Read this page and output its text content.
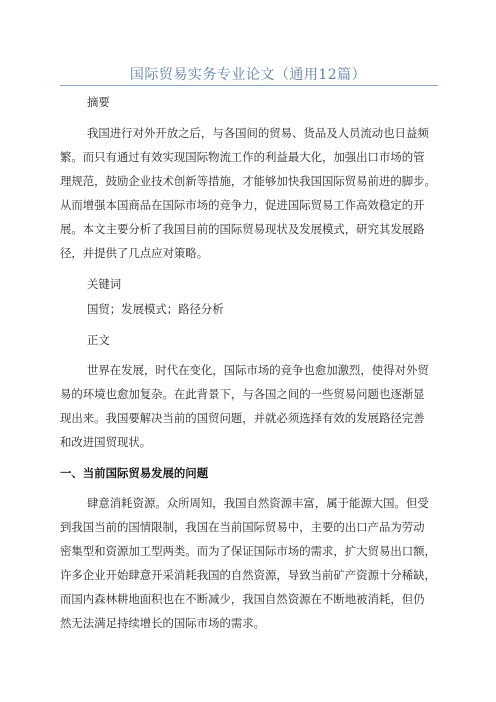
国际贸易实务专业论文（通用12篇）
摘要
我国进行对外开放之后，与各国间的贸易、货品及人员流动也日益频
繁。而只有通过有效实现国际物流工作的利益最大化，加强出口市场的管
理规范，鼓励企业技术创新等措施，才能够加快我国国际贸易前进的脚步。
从而增强本国商品在国际市场的竞争力，促进国际贸易工作高效稳定的开
展。本文主要分析了我国目前的国际贸易现状及发展模式，研究其发展路
径，并提供了几点应对策略。
关键词
国贸；发展模式；路径分析
正文
世界在发展，时代在变化，国际市场的竞争也愈加激烈，使得对外贸
易的环境也愈加复杂。在此背景下，与各国之间的一些贸易问题也逐渐显
现出来。我国要解决当前的国贸问题，并就必须选择有效的发展路径完善
一、当前国际贸易发展的问题
肆意消耗资源。众所周知，我国自然资源丰富，属于能源大国。但受
到我国当前的国情限制，我国在当前国际贸易中，主要的出口产品为劳动
密集型和资源加工型两类。而为了保证国际市场的需求，扩大贸易出口额，
许多企业开始肆意开采消耗我国的自然资源，导致当前矿产资源十分稀缺，
而国内森林耕地面积也在不断减少，我国自然资源在不断地被消耗，但仍
然无法满足持续增长的国际市场的需求。
和改进国贸现状。
